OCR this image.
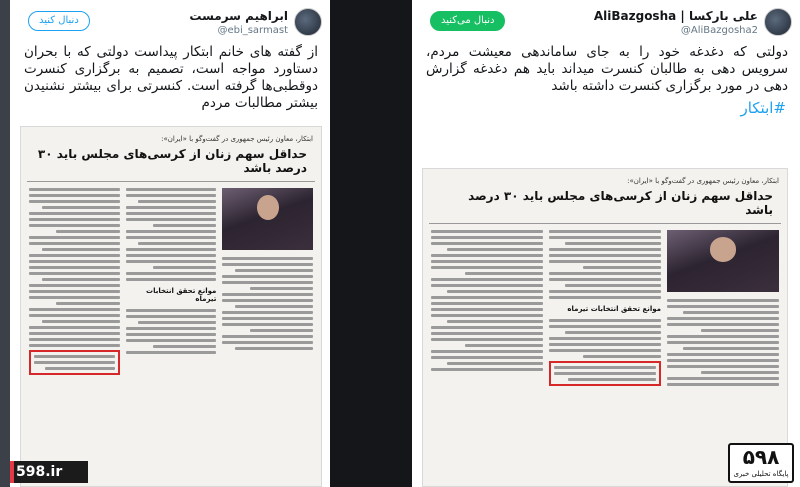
ابراهیم سرمست
@ebi_sarmast
دنبال کنید
از گفته های خانم ابتکار پیداست دولتی که با بحران دستاورد مواجه است، تصمیم به برگزاری کنسرت دوقطبی‌ها گرفته است. کنسرتی برای بیشتر نشنیدن بیشتر مطالبات مردم
ابتکار، معاون رئیس جمهوری در گفت‌وگو با «ایران»:
حداقل سهم زنان از کرسی‌های مجلس باید ۳۰ درصد باشد
موانع تحقق انتخابات تیرماه
598.ir
علی بارکسا | AliBazgosha
@AliBazgosha2
دنبال می‌کنید
دولتی که دغدغه خود را به جای ساماندهی معیشت مردم، سرویس دهی به طالبان کنسرت میداند باید هم دغدغه گزارش دهی در مورد برگزاری کنسرت داشته باشد
#ابتکار
ابتکار، معاون رئیس جمهوری در گفت‌وگو با «ایران»:
حداقل سهم زنان از کرسی‌های مجلس باید ۳۰ درصد باشد
موانع تحقق انتخابات تیرماه
۵۹۸
پایگاه تحلیلی خبری
